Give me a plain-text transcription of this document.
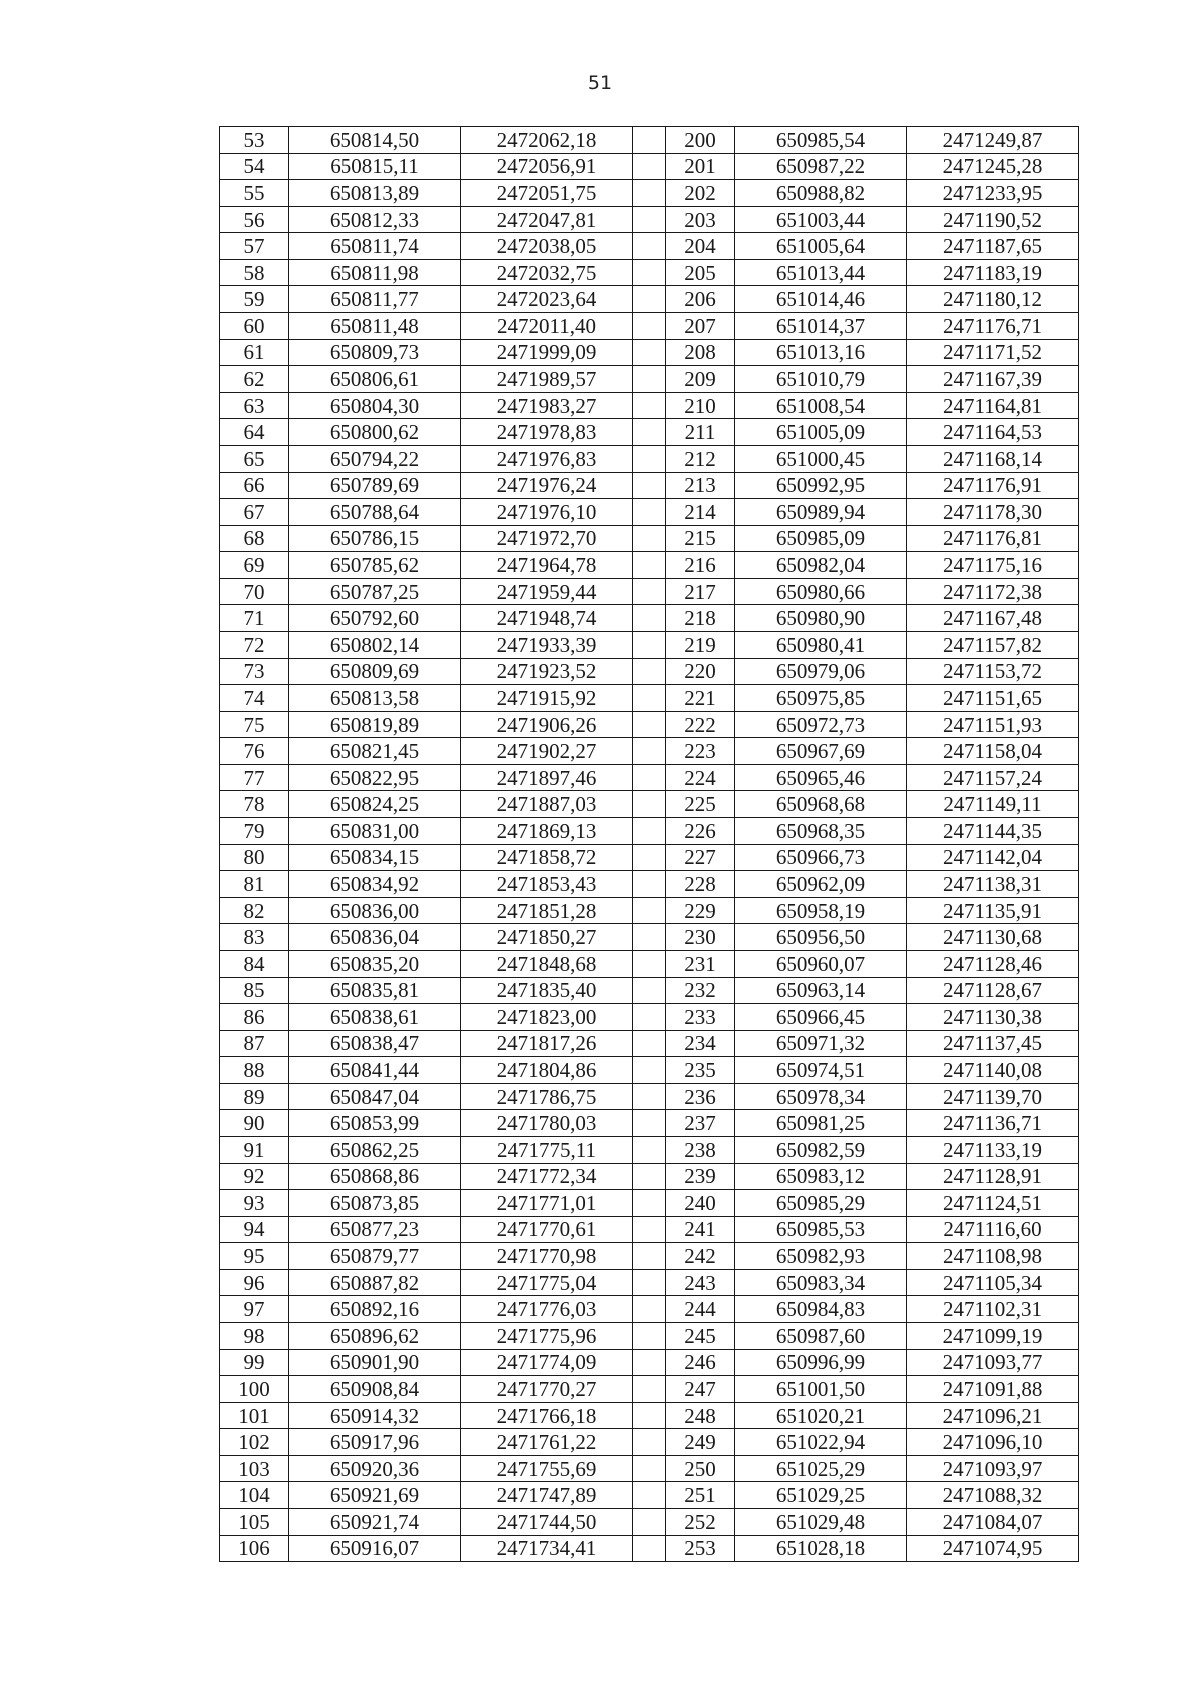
51
53	650814,50	2472062,18		200	650985,54	2471249,87
54	650815,11	2472056,91		201	650987,22	2471245,28
55	650813,89	2472051,75		202	650988,82	2471233,95
56	650812,33	2472047,81		203	651003,44	2471190,52
57	650811,74	2472038,05		204	651005,64	2471187,65
58	650811,98	2472032,75		205	651013,44	2471183,19
59	650811,77	2472023,64		206	651014,46	2471180,12
60	650811,48	2472011,40		207	651014,37	2471176,71
61	650809,73	2471999,09		208	651013,16	2471171,52
62	650806,61	2471989,57		209	651010,79	2471167,39
63	650804,30	2471983,27		210	651008,54	2471164,81
64	650800,62	2471978,83		211	651005,09	2471164,53
65	650794,22	2471976,83		212	651000,45	2471168,14
66	650789,69	2471976,24		213	650992,95	2471176,91
67	650788,64	2471976,10		214	650989,94	2471178,30
68	650786,15	2471972,70		215	650985,09	2471176,81
69	650785,62	2471964,78		216	650982,04	2471175,16
70	650787,25	2471959,44		217	650980,66	2471172,38
71	650792,60	2471948,74		218	650980,90	2471167,48
72	650802,14	2471933,39		219	650980,41	2471157,82
73	650809,69	2471923,52		220	650979,06	2471153,72
74	650813,58	2471915,92		221	650975,85	2471151,65
75	650819,89	2471906,26		222	650972,73	2471151,93
76	650821,45	2471902,27		223	650967,69	2471158,04
77	650822,95	2471897,46		224	650965,46	2471157,24
78	650824,25	2471887,03		225	650968,68	2471149,11
79	650831,00	2471869,13		226	650968,35	2471144,35
80	650834,15	2471858,72		227	650966,73	2471142,04
81	650834,92	2471853,43		228	650962,09	2471138,31
82	650836,00	2471851,28		229	650958,19	2471135,91
83	650836,04	2471850,27		230	650956,50	2471130,68
84	650835,20	2471848,68		231	650960,07	2471128,46
85	650835,81	2471835,40		232	650963,14	2471128,67
86	650838,61	2471823,00		233	650966,45	2471130,38
87	650838,47	2471817,26		234	650971,32	2471137,45
88	650841,44	2471804,86		235	650974,51	2471140,08
89	650847,04	2471786,75		236	650978,34	2471139,70
90	650853,99	2471780,03		237	650981,25	2471136,71
91	650862,25	2471775,11		238	650982,59	2471133,19
92	650868,86	2471772,34		239	650983,12	2471128,91
93	650873,85	2471771,01		240	650985,29	2471124,51
94	650877,23	2471770,61		241	650985,53	2471116,60
95	650879,77	2471770,98		242	650982,93	2471108,98
96	650887,82	2471775,04		243	650983,34	2471105,34
97	650892,16	2471776,03		244	650984,83	2471102,31
98	650896,62	2471775,96		245	650987,60	2471099,19
99	650901,90	2471774,09		246	650996,99	2471093,77
100	650908,84	2471770,27		247	651001,50	2471091,88
101	650914,32	2471766,18		248	651020,21	2471096,21
102	650917,96	2471761,22		249	651022,94	2471096,10
103	650920,36	2471755,69		250	651025,29	2471093,97
104	650921,69	2471747,89		251	651029,25	2471088,32
105	650921,74	2471744,50		252	651029,48	2471084,07
106	650916,07	2471734,41		253	651028,18	2471074,95
